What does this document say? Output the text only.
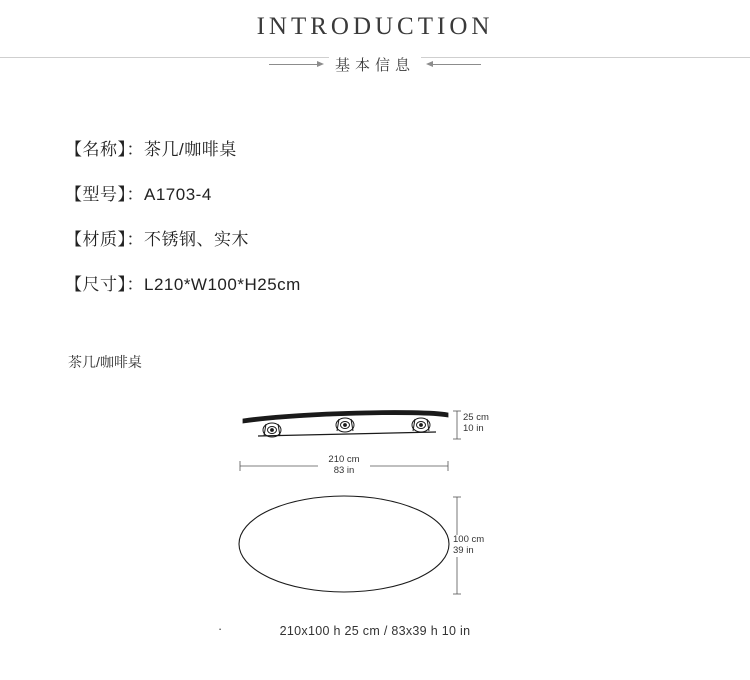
INTRODUCTION
基本信息
【名称】：茶几/咖啡桌
【型号】：A1703-4
【材质】：不锈钢、实木
【尺寸】：L210*W100*H25cm
茶几/咖啡桌
25 cm
10 in
210 cm
83 in
100 cm
39 in
·	210x100 h 25 cm / 83x39 h 10 in
